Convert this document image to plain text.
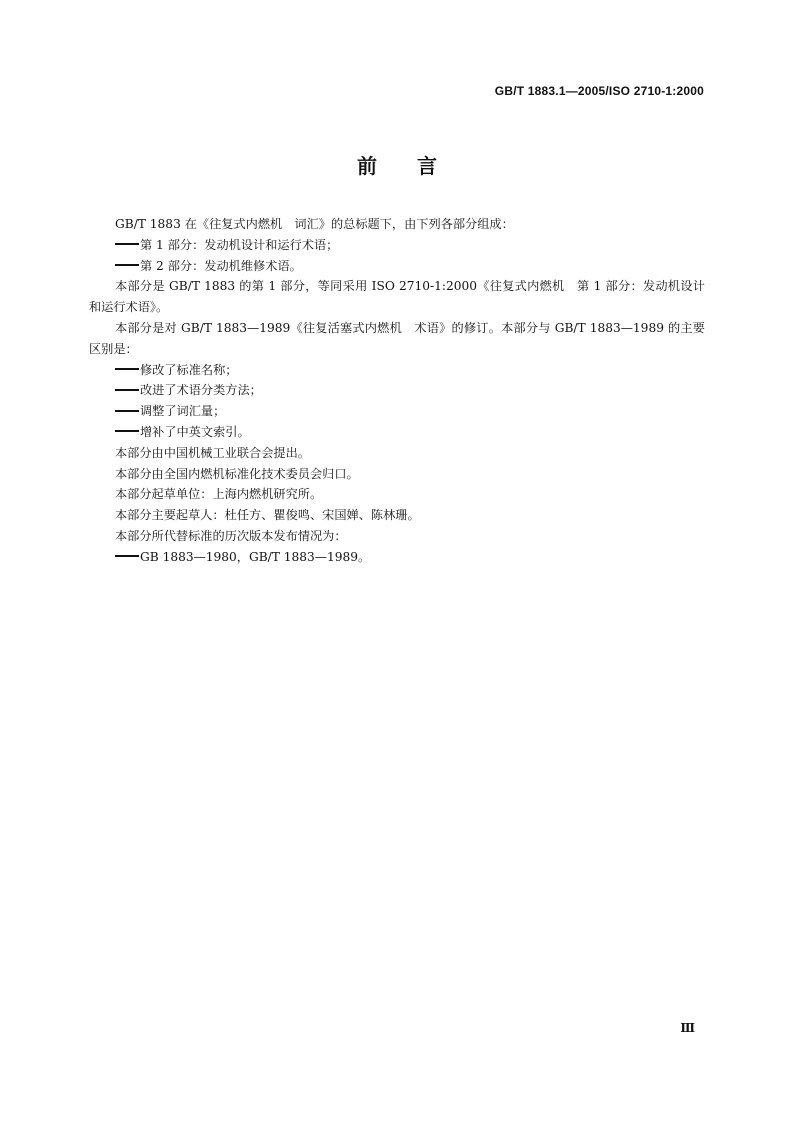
GB/T 1883.1—2005/ISO 2710-1:2000
前言

GB/T 1883 在《往复式内燃机　词汇》的总标题下，由下列各部分组成：

第 1 部分：发动机设计和运行术语；

第 2 部分：发动机维修术语。

本部分是 GB/T 1883 的第 1 部分，等同采用 ISO 2710-1:2000《往复式内燃机　第 1 部分：发动机设计和运行术语》。

本部分是对 GB/T 1883—1989《往复活塞式内燃机　术语》的修订。本部分与 GB/T 1883—1989 的主要区别是：

修改了标准名称；

改进了术语分类方法；

调整了词汇量；

增补了中英文索引。

本部分由中国机械工业联合会提出。

本部分由全国内燃机标准化技术委员会归口。

本部分起草单位：上海内燃机研究所。

本部分主要起草人：杜任方、瞿俊鸣、宋国婵、陈林珊。

本部分所代替标准的历次版本发布情况为：

GB 1883—1980，GB/T 1883—1989。

Ⅲ
